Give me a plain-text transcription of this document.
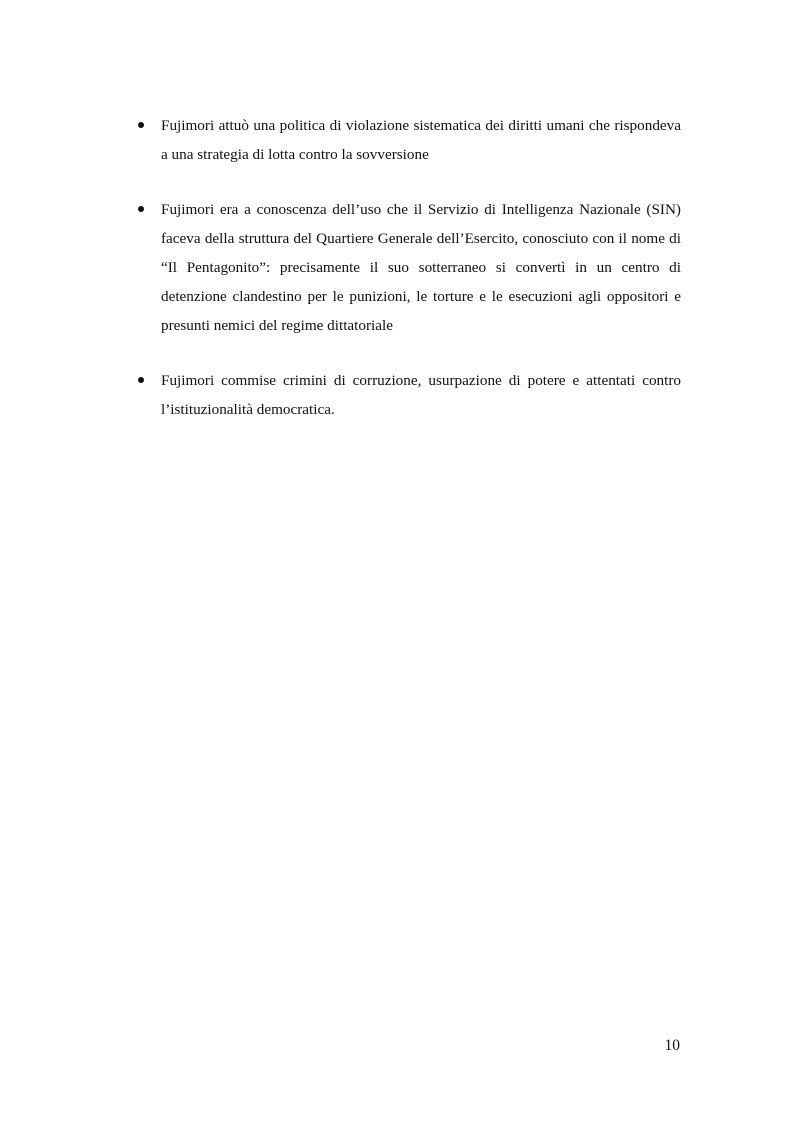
Fujimori attuò una politica di violazione sistematica dei diritti umani che rispondeva a una strategia di lotta contro la sovversione
Fujimori era a conoscenza dell’uso che il Servizio di Intelligenza Nazionale (SIN) faceva della struttura del Quartiere Generale dell’Esercito, conosciuto con il nome di “Il Pentagonito”: precisamente il suo sotterraneo si convertì in un centro di detenzione clandestino per le punizioni, le torture e le esecuzioni agli oppositori e presunti nemici del regime dittatoriale
Fujimori commise crimini di corruzione, usurpazione di potere e attentati contro l’istituzionalità democratica.
10
